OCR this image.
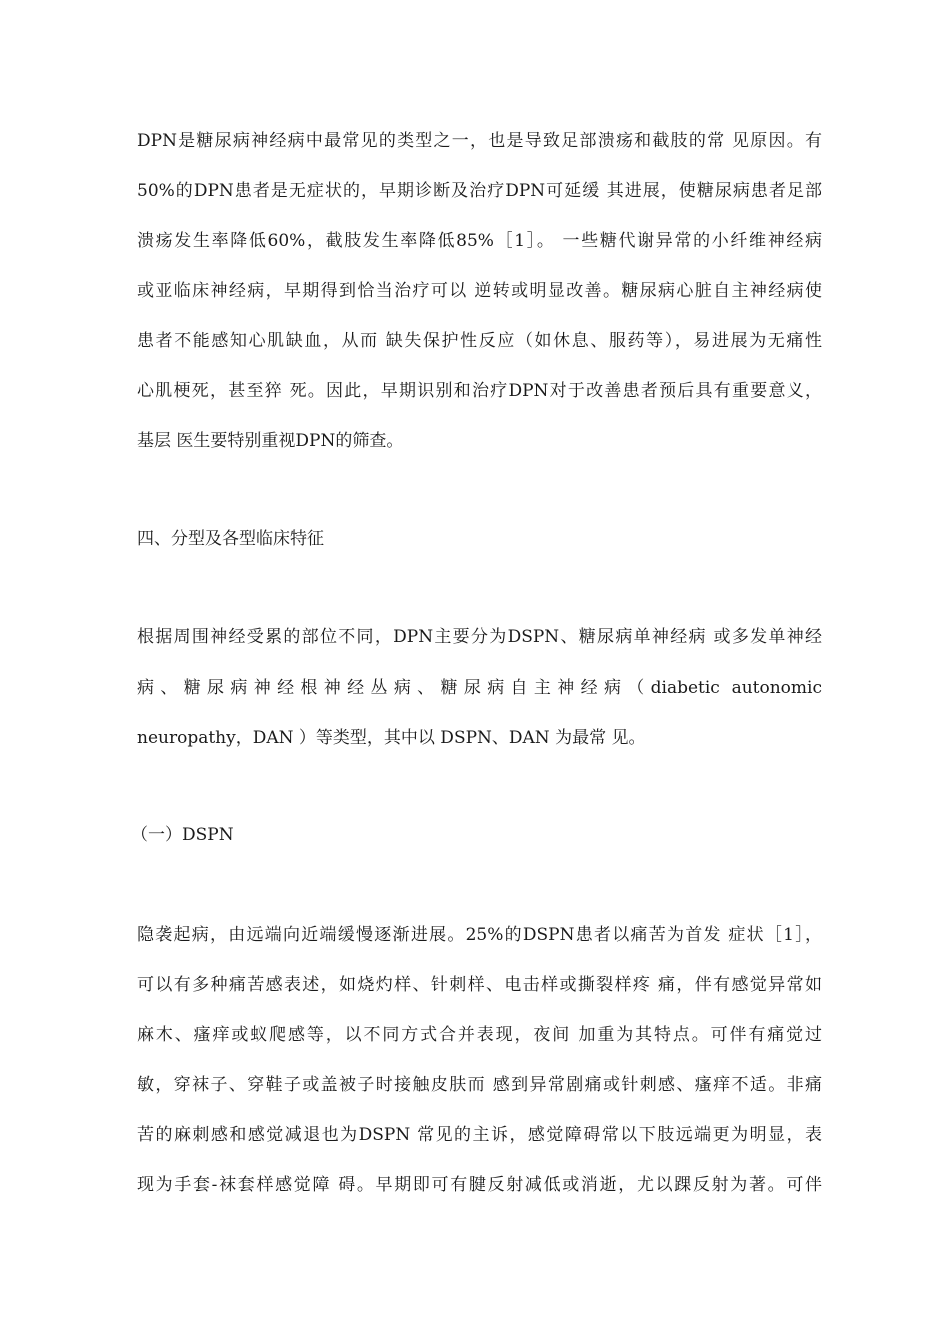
DPN是糖尿病神经病中最常见的类型之一，也是导致足部溃疡和截肢的常 见原因。有
50%的DPN患者是无症状的，早期诊断及治疗DPN可延缓 其进展，使糖尿病患者足部
溃疡发生率降低60%，截肢发生率降低85%［1］。 一些糖代谢异常的小纤维神经病
或亚临床神经病，早期得到恰当治疗可以 逆转或明显改善。糖尿病心脏自主神经病使
患者不能感知心肌缺血，从而 缺失保护性反应（如休息、服药等），易进展为无痛性
心肌梗死，甚至猝 死。因此，早期识别和治疗DPN对于改善患者预后具有重要意义，
基层 医生要特别重视DPN的筛查。
四、分型及各型临床特征
根据周围神经受累的部位不同，DPN主要分为DSPN、糖尿病单神经病 或多发单神经
病、糖尿病神经根神经丛病、糖尿病自主神经病（diabetic autonomic
neuropathy，DAN ）等类型，其中以 DSPN、DAN 为最常 见。
（一）DSPN
隐袭起病，由远端向近端缓慢逐渐进展。25%的DSPN患者以痛苦为首发 症状［1］，
可以有多种痛苦感表述，如烧灼样、针刺样、电击样或撕裂样疼 痛，伴有感觉异常如
麻木、瘙痒或蚁爬感等，以不同方式合并表现，夜间 加重为其特点。可伴有痛觉过
敏，穿袜子、穿鞋子或盖被子时接触皮肤而 感到异常剧痛或针刺感、瘙痒不适。非痛
苦的麻刺感和感觉减退也为DSPN 常见的主诉，感觉障碍常以下肢远端更为明显，表
现为手套-袜套样感觉障 碍。早期即可有腱反射减低或消逝，尤以踝反射为著。可伴
